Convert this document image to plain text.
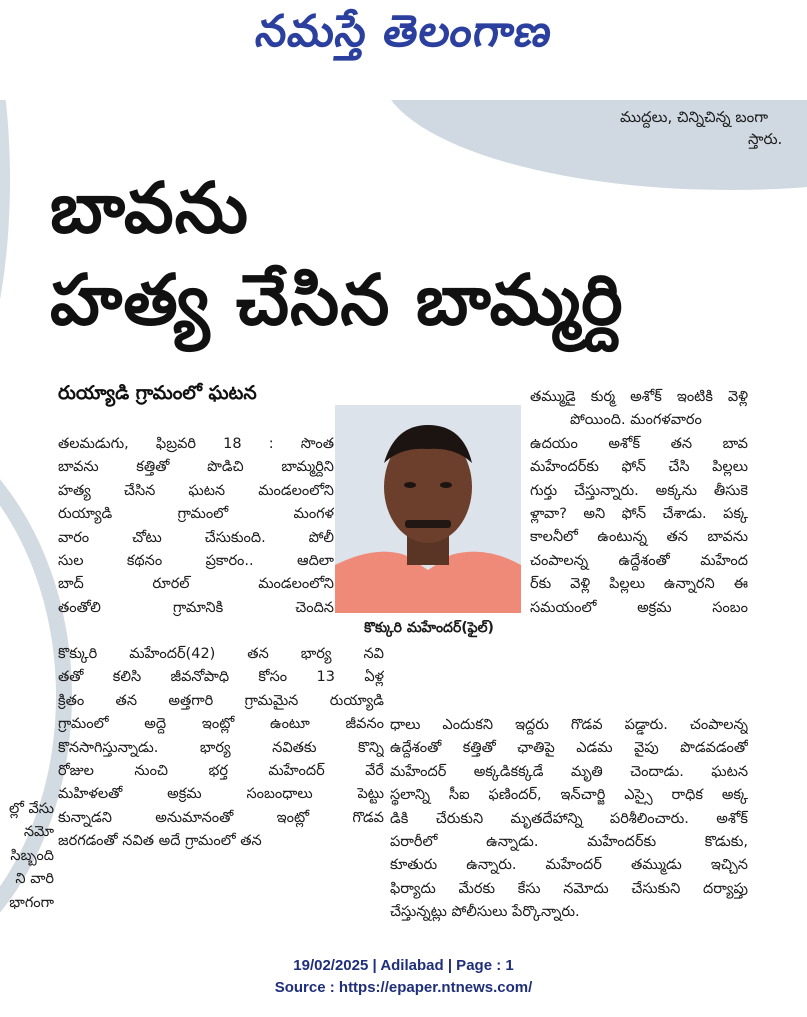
నమస్తే తెలంగాణ
ముద్దలు, చిన్నిచిన్న బంగా
స్తారు.
బావను
హత్య చేసిన బామ్మర్ది
రుయ్యాడి గ్రామంలో ఘటన
కొక్కురి మహేందర్(ఫైల్)
తలమడుగు, ఫిబ్రవరి 18 : సొంత
బావను కత్తితో పొడిచి బామ్మర్దిని
హత్య చేసిన ఘటన మండలంలోని
రుయ్యాడి గ్రామంలో మంగళ
వారం చోటు చేసుకుంది. పోలీ
సుల కథనం ప్రకారం.. ఆదిలా
బాద్ రూరల్ మండలంలోని
తంతోలి గ్రామానికి చెందిన
కొక్కురి మహేందర్(42) తన భార్య నవి
తతో కలిసి జీవనోపాధి కోసం 13 ఏళ్ల
క్రితం తన అత్తగారి గ్రామమైన రుయ్యాడి
గ్రామంలో అద్దె ఇంట్లో ఉంటూ జీవనం
కొనసాగిస్తున్నాడు. భార్య నవితకు కొన్ని
రోజుల నుంచి భర్త మహేందర్ వేరే
మహిళలతో అక్రమ సంబంధాలు పెట్టు
కున్నాడని అనుమానంతో ఇంట్లో గొడవ
జరగడంతో నవిత అదే గ్రామంలో తన
తమ్ముడై కుర్మ అశోక్ ఇంటికి వెళ్లి
పోయింది. మంగళవారం
ఉదయం అశోక్ తన బావ
మహేందర్‌కు ఫోన్ చేసి పిల్లలు
గుర్తు చేస్తున్నారు. అక్కను తీసుకె
ళ్లావా? అని ఫోన్ చేశాడు. పక్క
కాలనీలో ఉంటున్న తన బావను
చంపాలన్న ఉద్దేశంతో మహేంద
ర్‌కు వెళ్లి పిల్లలు ఉన్నారని ఈ
సమయంలో అక్రమ సంబం
ధాలు ఎందుకని ఇద్దరు గొడవ పడ్డారు. చంపాలన్న
ఉద్దేశంతో కత్తితో ఛాతిపై ఎడమ వైపు పొడవడంతో
మహేందర్ అక్కడికక్కడే మృతి చెందాడు. ఘటన
స్థలాన్ని సీఐ ఫణిందర్, ఇన్‌చార్జి ఎస్సై రాధిక అక్క
డికి చేరుకుని మృతదేహాన్ని పరిశీలించారు. అశోక్
పరారీలో ఉన్నాడు. మహేందర్‌కు కొడుకు,
కూతురు ఉన్నారు. మహేందర్ తమ్ముడు ఇచ్చిన
ఫిర్యాదు మేరకు కేసు నమోదు చేసుకుని దర్యాప్తు
చేస్తున్నట్లు పోలీసులు పేర్కొన్నారు.
ల్లో వేసు
నమో
సిబ్బంది
ని వారి
భాగంగా
19/02/2025 | Adilabad | Page : 1
Source : https://epaper.ntnews.com/
